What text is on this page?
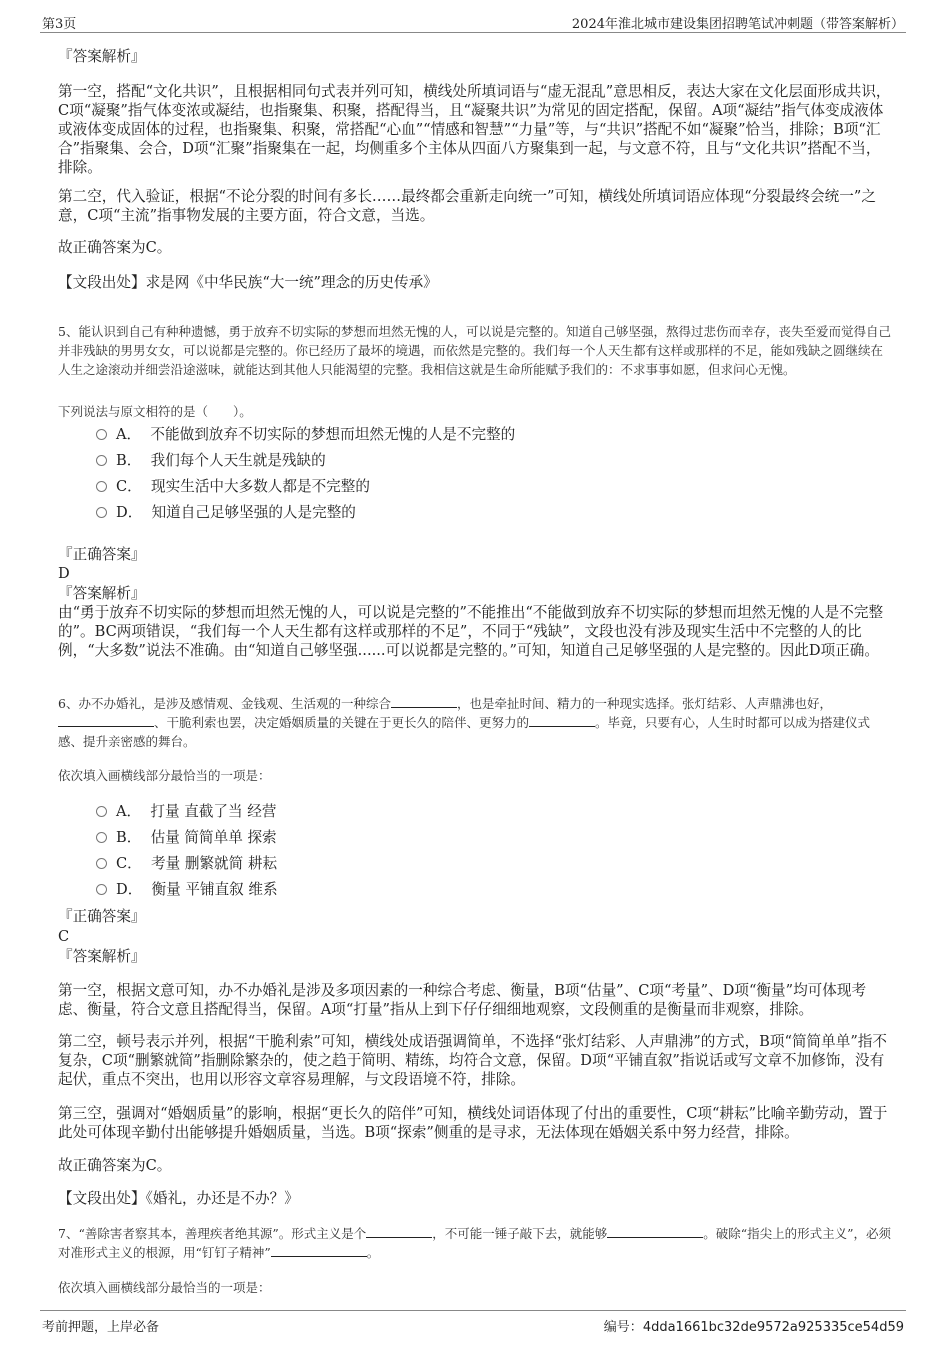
第3页	2024年淮北城市建设集团招聘笔试冲刺题（带答案解析）
『答案解析』
第一空，搭配“文化共识”，且根据相同句式表并列可知，横线处所填词语与“虚无混乱”意思相反，表达大家在文化层面形成共识，C项“凝聚”指气体变浓或凝结，也指聚集、积聚，搭配得当，且“凝聚共识”为常见的固定搭配，保留。A项“凝结”指气体变成液体或液体变成固体的过程，也指聚集、积聚，常搭配“心血”“情感和智慧”“力量”等，与“共识”搭配不如“凝聚”恰当，排除；B项“汇合”指聚集、会合，D项“汇聚”指聚集在一起，均侧重多个主体从四面八方聚集到一起，与文意不符，且与“文化共识”搭配不当，排除。
第二空，代入验证，根据“不论分裂的时间有多长……最终都会重新走向统一”可知，横线处所填词语应体现“分裂最终会统一”之意，C项“主流”指事物发展的主要方面，符合文意，当选。
故正确答案为C。
【文段出处】求是网《中华民族“大一统”理念的历史传承》
5、能认识到自己有种种遗憾，勇于放弃不切实际的梦想而坦然无愧的人，可以说是完整的。知道自己够坚强，熬得过悲伤而幸存，丧失至爱而觉得自己并非残缺的男男女女，可以说都是完整的。你已经历了最坏的境遇，而依然是完整的。我们每一个人天生都有这样或那样的不足，能如残缺之圆继续在人生之途滚动并细尝沿途滋味，就能达到其他人只能渴望的完整。我相信这就是生命所能赋予我们的：不求事事如愿，但求问心无愧。
下列说法与原文相符的是（　　）。
A． 不能做到放弃不切实际的梦想而坦然无愧的人是不完整的
B． 我们每个人天生就是残缺的
C． 现实生活中大多数人都是不完整的
D． 知道自己足够坚强的人是完整的
『正确答案』
D
『答案解析』
由“勇于放弃不切实际的梦想而坦然无愧的人，可以说是完整的”不能推出“不能做到放弃不切实际的梦想而坦然无愧的人是不完整的”。BC两项错误，“我们每一个人天生都有这样或那样的不足”，不同于“残缺”，文段也没有涉及现实生活中不完整的人的比例，“大多数”说法不准确。由“知道自己够坚强......可以说都是完整的。”可知，知道自己足够坚强的人是完整的。因此D项正确。
6、办不办婚礼，是涉及感情观、金钱观、生活观的一种综合	，也是牵扯时间、精力的一种现实选择。张灯结彩、人声鼎沸也好，、干脆利索也罢，决定婚姻质量的关键在于更长久的陪伴、更努力的	。毕竟，只要有心，人生时时都可以成为搭建仪式感、提升亲密感的舞台。
依次填入画横线部分最恰当的一项是：
A． 打量 直截了当 经营
B． 估量 简简单单 探索
C． 考量 删繁就简 耕耘
D． 衡量 平铺直叙 维系
『正确答案』
C
『答案解析』
第一空，根据文意可知，办不办婚礼是涉及多项因素的一种综合考虑、衡量，B项“估量”、C项“考量”、D项“衡量”均可体现考虑、衡量，符合文意且搭配得当，保留。A项“打量”指从上到下仔仔细细地观察，文段侧重的是衡量而非观察，排除。
第二空，顿号表示并列，根据“干脆利索”可知，横线处成语强调简单，不选择“张灯结彩、人声鼎沸”的方式，B项“简简单单”指不复杂，C项“删繁就简”指删除繁杂的，使之趋于简明、精练，均符合文意，保留。D项“平铺直叙”指说话或写文章不加修饰，没有起伏，重点不突出，也用以形容文章容易理解，与文段语境不符，排除。
第三空，强调对“婚姻质量”的影响，根据“更长久的陪伴”可知，横线处词语体现了付出的重要性，C项“耕耘”比喻辛勤劳动，置于此处可体现辛勤付出能够提升婚姻质量，当选。B项“探索”侧重的是寻求，无法体现在婚姻关系中努力经营，排除。
故正确答案为C。
【文段出处】《婚礼，办还是不办？》
7、“善除害者察其本，善理疾者绝其源”。形式主义是个	，不可能一锤子敲下去，就能够	。破除“指尖上的形式主义”，必须对准形式主义的根源，用“钉钉子精神”	。
依次填入画横线部分最恰当的一项是：
考前押题，上岸必备	编号：4dda1661bc32de9572a925335ce54d59
